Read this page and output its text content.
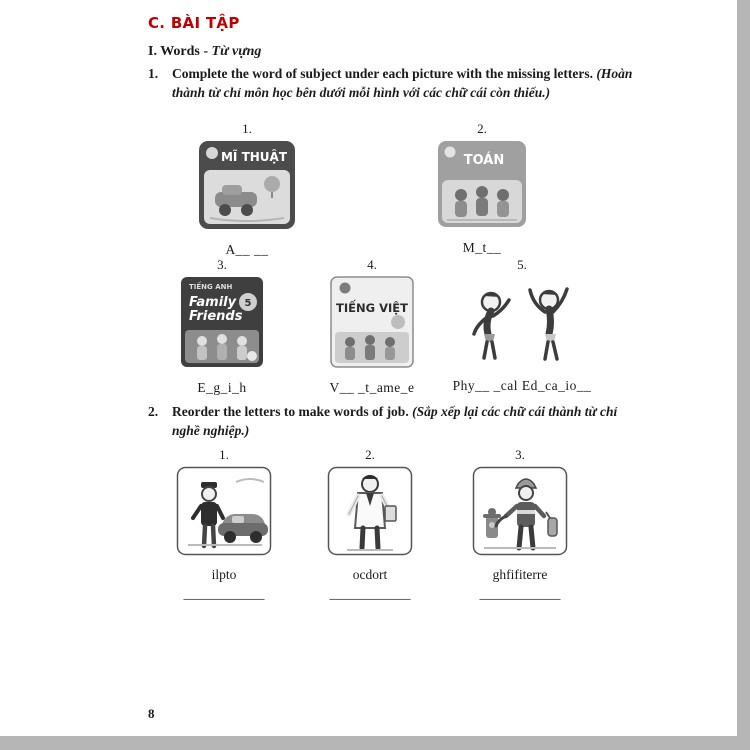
C. BÀI TẬP
I. Words - Từ vựng
1. Complete the word of subject under each picture with the missing letters. (Hoàn thành từ chỉ môn học bên dưới mỗi hình với các chữ cái còn thiếu.)
1.
MĨ THUẬT
A__ __
2.
TOÁN
M_t__
3.
TIẾNG ANH
Family
Friends
5
E_g_i_h
4.
TIẾNG VIỆT
V__ _t_ame_e
5.
Phy__ _cal Ed_ca_io__
2. Reorder the letters to make words of job. (Sắp xếp lại các chữ cái thành từ chỉ nghề nghiệp.)
1.
ilpto
____________
2.
ocdort
____________
3.
ghfifiterre
____________
8
